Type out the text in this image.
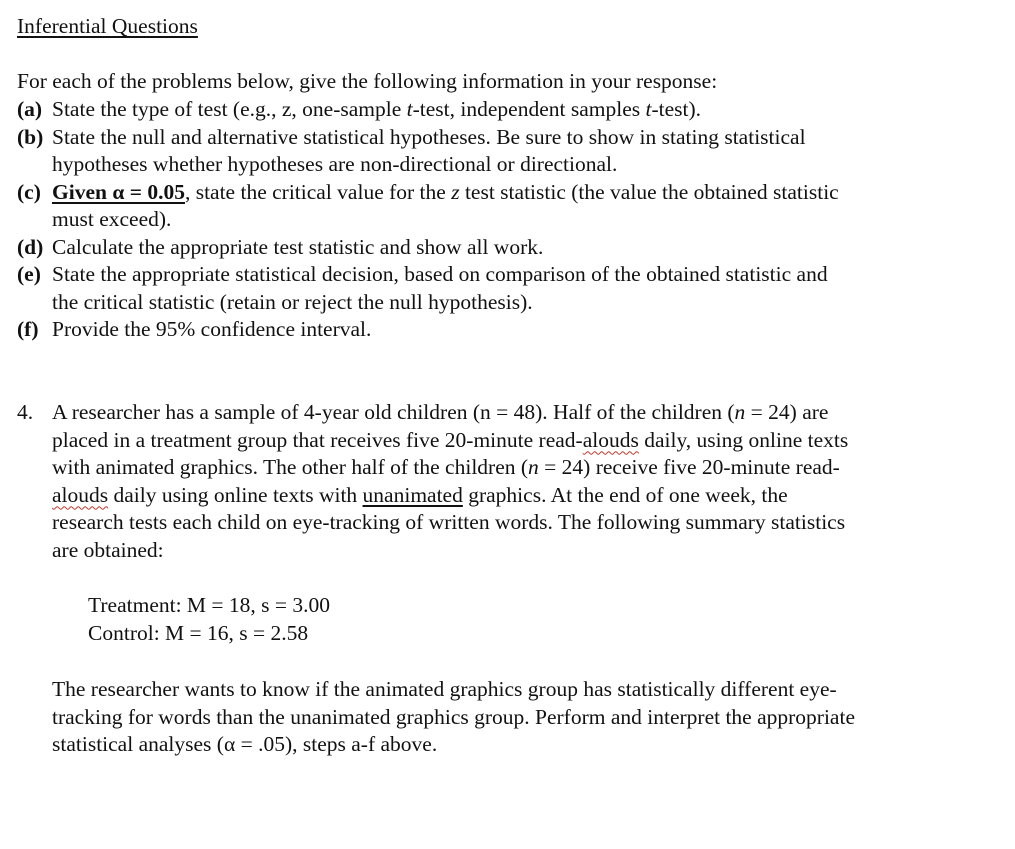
Inferential Questions
For each of the problems below, give the following information in your response:
(a) State the type of test (e.g., z, one-sample t-test, independent samples t-test).
(b) State the null and alternative statistical hypotheses. Be sure to show in stating statistical
hypotheses whether hypotheses are non-directional or directional.
(c) Given α = 0.05, state the critical value for the z test statistic (the value the obtained statistic
must exceed).
(d) Calculate the appropriate test statistic and show all work.
(e) State the appropriate statistical decision, based on comparison of the obtained statistic and
the critical statistic (retain or reject the null hypothesis).
(f) Provide the 95% confidence interval.
4. A researcher has a sample of 4-year old children (n = 48). Half of the children (n = 24) are
placed in a treatment group that receives five 20-minute read-alouds daily, using online texts
with animated graphics. The other half of the children (n = 24) receive five 20-minute read-
alouds daily using online texts with unanimated graphics. At the end of one week, the
research tests each child on eye-tracking of written words. The following summary statistics
are obtained:
Treatment: M = 18, s = 3.00
Control: M = 16, s = 2.58
The researcher wants to know if the animated graphics group has statistically different eye-
tracking for words than the unanimated graphics group. Perform and interpret the appropriate
statistical analyses (α = .05), steps a-f above.
